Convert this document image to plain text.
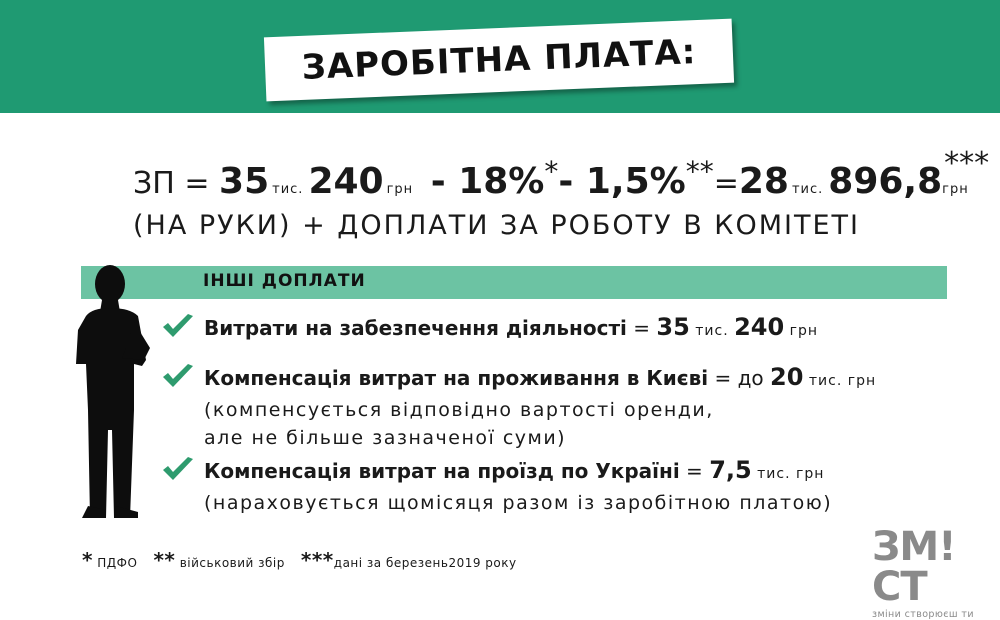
ЗАРОБІТНА ПЛАТА:
ЗП = 35 тис. 240 грн - 18%*- 1,5%**=28 тис. 896,8 ***
грн
(НА РУКИ) + ДОПЛАТИ ЗА РОБОТУ В КОМІТЕТІ
ІНШІ ДОПЛАТИ
Витрати на забезпечення діяльності = 35 тис. 240 грн
Компенсація витрат на проживання в Києві = до 20 тис. грн
(компенсується відповідно вартості оренди,
але не більше зазначеної суми)
Компенсація витрат на проїзд по Україні = 7,5 тис. грн
(нараховується щомісяця разом із заробітною платою)
* ПДФО ** військовий збір ***дані за березень2019 року	ЗМ!СТ
зміни створюєш ти
